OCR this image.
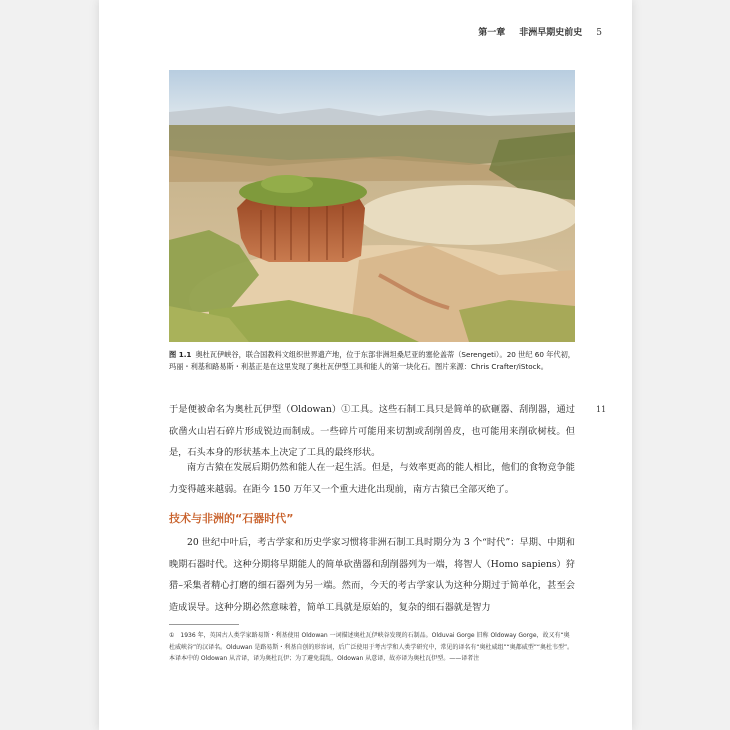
第一章 非洲早期史前史 5
图 1.1 奥杜瓦伊峡谷，联合国教科文组织世界遗产地，位于东部非洲坦桑尼亚的塞伦盖蒂（Serengeti）。20 世纪 60 年代初，玛丽・利基和路易斯・利基正是在这里发现了奥杜瓦伊型工具和能人的第一块化石。图片来源：Chris Crafter/iStock。
11

于是便被命名为奥杜瓦伊型（Oldowan）①工具。这些石制工具只是简单的砍砸器、刮削器，通过砍凿火山岩石碎片形成锐边而制成。一些碎片可能用来切割或刮削兽皮，也可能用来削砍树枝。但是，石头本身的形状基本上决定了工具的最终形状。

南方古猿在发展后期仍然和能人在一起生活。但是，与效率更高的能人相比，他们的食物竞争能力变得越来越弱。在距今 150 万年又一个重大进化出现前，南方古猿已全部灭绝了。

技术与非洲的“石器时代”

20 世纪中叶后，考古学家和历史学家习惯将非洲石制工具时期分为 3 个“时代”：早期、中期和晚期石器时代。这种分期将早期能人的简单砍凿器和刮削器列为一端，将智人（Homo sapiens）狩猎–采集者精心打磨的细石器列为另一端。然而，今天的考古学家认为这种分期过于简单化，甚至会造成误导。这种分期必然意味着，简单工具就是原始的，复杂的细石器就是智力

① 1936 年，英国古人类学家路易斯・利基使用 Oldowan 一词描述奥杜瓦伊峡谷发现的石制品。Olduvai Gorge 旧称 Oldoway Gorge，故又有“奥杜威峡谷”的汉译名。Olduwan 是路易斯・利基自创的形容词，后广泛使用于考古学和人类学研究中，常见的译名有“奥杜威组”“奥都威型”“奥杜韦型”。本译本中的 Oldowan 从音译，译为奥杜瓦伊；为了避免混乱，Oldowan 从意译，故亦译为奥杜瓦伊型。——译者注
